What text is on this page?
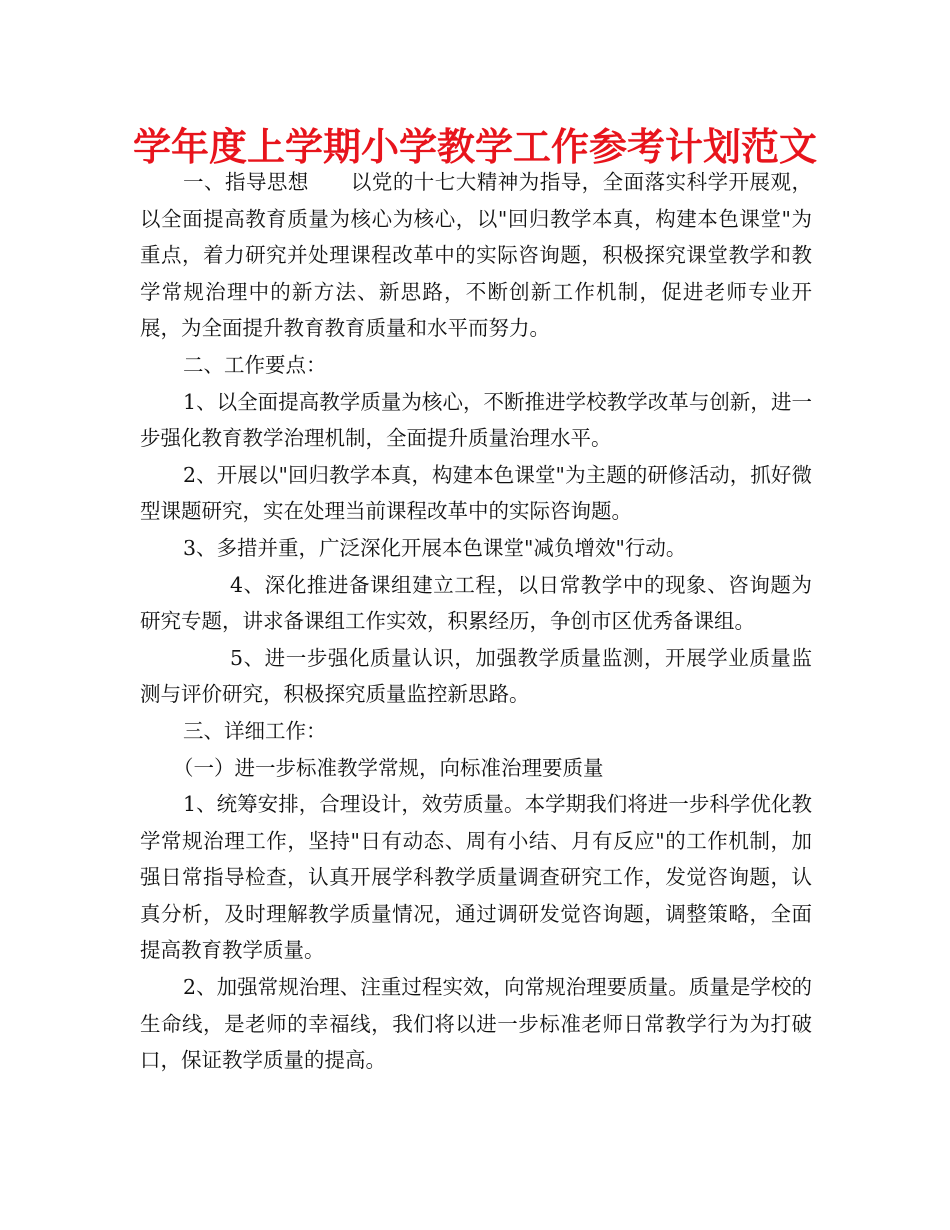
学年度上学期小学教学工作参考计划范文

一、指导思想　　以党的十七大精神为指导，全面落实科学开展观，以全面提高教育质量为核心为核心，以"回归教学本真，构建本色课堂"为重点，着力研究并处理课程改革中的实际咨询题，积极探究课堂教学和教学常规治理中的新方法、新思路，不断创新工作机制，促进老师专业开展，为全面提升教育教育质量和水平而努力。

二、工作要点：

1、以全面提高教学质量为核心，不断推进学校教学改革与创新，进一步强化教育教学治理机制，全面提升质量治理水平。

2、开展以"回归教学本真，构建本色课堂"为主题的研修活动，抓好微型课题研究，实在处理当前课程改革中的实际咨询题。

3、多措并重，广泛深化开展本色课堂"减负增效"行动。

4、深化推进备课组建立工程，以日常教学中的现象、咨询题为研究专题，讲求备课组工作实效，积累经历，争创市区优秀备课组。

5、进一步强化质量认识，加强教学质量监测，开展学业质量监测与评价研究，积极探究质量监控新思路。

三、详细工作：

（一）进一步标准教学常规，向标准治理要质量

1、统筹安排，合理设计，效劳质量。本学期我们将进一步科学优化教学常规治理工作，坚持"日有动态、周有小结、月有反应"的工作机制，加强日常指导检查，认真开展学科教学质量调查研究工作，发觉咨询题，认真分析，及时理解教学质量情况，通过调研发觉咨询题，调整策略，全面提高教育教学质量。

2、加强常规治理、注重过程实效，向常规治理要质量。质量是学校的生命线，是老师的幸福线，我们将以进一步标准老师日常教学行为为打破口，保证教学质量的提高。
